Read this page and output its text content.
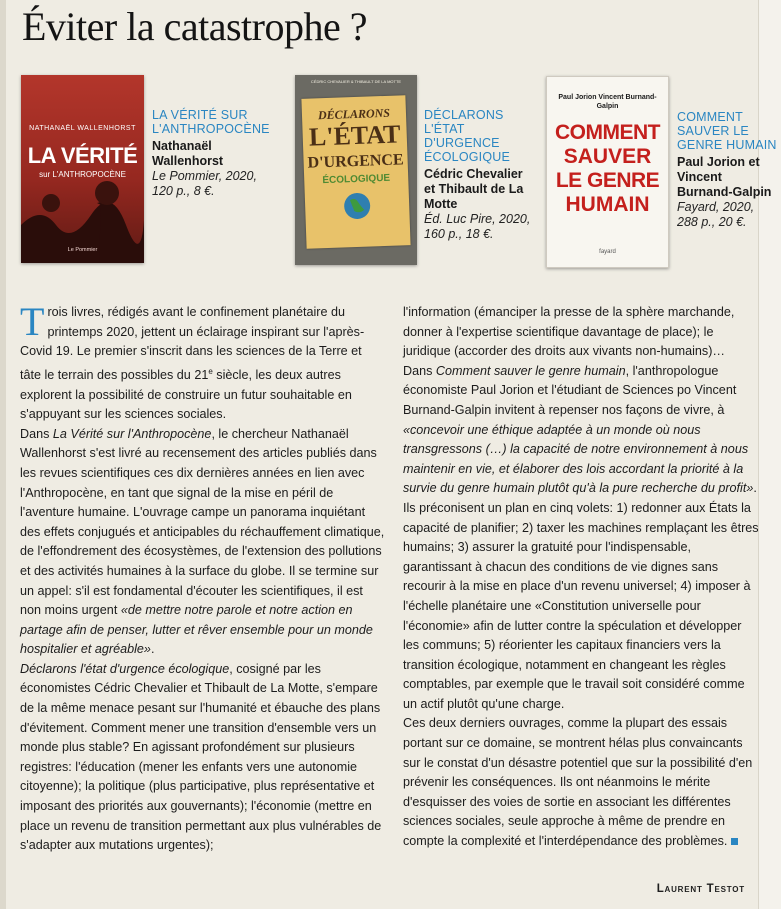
Éviter la catastrophe ?
NATHANAËL WALLENHORST
LA VÉRITÉ
sur L'ANTHROPOCÈNE
Le Pommier
LA VÉRITÉ SUR L'ANTHROPOCÈNE
Nathanaël Wallenhorst
Le Pommier, 2020, 120 p., 8 €.
CÉDRIC CHEVALIER & THIBAULT DE LA MOTTE
DÉCLARONS
L'ÉTAT
D'URGENCE
ÉCOLOGIQUE
DÉCLARONS L'ÉTAT D'URGENCE ÉCOLOGIQUE
Cédric Chevalier et Thibault de La Motte
Éd. Luc Pire, 2020, 160 p., 18 €.
Paul Jorion Vincent Burnand-Galpin
COMMENT
SAUVER
LE GENRE
HUMAIN
fayard
COMMENT SAUVER LE GENRE HUMAIN
Paul Jorion et Vincent Burnand-Galpin
Fayard, 2020, 288 p., 20 €.

Trois livres, rédigés avant le confinement planétaire du printemps 2020, jettent un éclairage inspirant sur l'après-Covid 19. Le premier s'inscrit dans les sciences de la Terre et tâte le terrain des possibles du 21e siècle, les deux autres explorent la possibilité de construire un futur souhaitable en s'appuyant sur les sciences sociales.

Dans La Vérité sur l'Anthropocène, le chercheur Nathanaël Wallenhorst s'est livré au recensement des articles publiés dans les revues scientifiques ces dix dernières années en lien avec l'Anthropocène, en tant que signal de la mise en péril de l'aventure humaine. L'ouvrage campe un panorama inquiétant des effets conjugués et anticipables du réchauffement climatique, de l'effondrement des écosystèmes, de l'extension des pollutions et des activités humaines à la surface du globe. Il se termine sur un appel: s'il est fondamental d'écouter les scientifiques, il est non moins urgent «de mettre notre parole et notre action en partage afin de penser, lutter et rêver ensemble pour un monde hospitalier et agréable».

Déclarons l'état d'urgence écologique, cosigné par les économistes Cédric Chevalier et Thibault de La Motte, s'empare de la même menace pesant sur l'humanité et ébauche des plans d'évitement. Comment mener une transition d'ensemble vers un monde plus stable? En agissant profondément sur plusieurs registres: l'éducation (mener les enfants vers une autonomie citoyenne); la politique (plus participative, plus représentative et imposant des priorités aux gouvernants); l'économie (mettre en place un revenu de transition permettant aux plus vulnérables de s'adapter aux mutations urgentes);

l'information (émanciper la presse de la sphère marchande, donner à l'expertise scientifique davantage de place); le juridique (accorder des droits aux vivants non-humains)…

Dans Comment sauver le genre humain, l'anthropologue économiste Paul Jorion et l'étudiant de Sciences po Vincent Burnand-Galpin invitent à repenser nos façons de vivre, à «concevoir une éthique adaptée à un monde où nous transgressons (…) la capacité de notre environnement à nous maintenir en vie, et élaborer des lois accordant la priorité à la survie du genre humain plutôt qu'à la pure recherche du profit». Ils préconisent un plan en cinq volets: 1) redonner aux États la capacité de planifier; 2) taxer les machines remplaçant les êtres humains; 3) assurer la gratuité pour l'indispensable, garantissant à chacun des conditions de vie dignes sans recourir à la mise en place d'un revenu universel; 4) imposer à l'échelle planétaire une «Constitution universelle pour l'économie» afin de lutter contre la spéculation et développer les communs; 5) réorienter les capitaux financiers vers la transition écologique, notamment en changeant les règles comptables, par exemple que le travail soit considéré comme un actif plutôt qu'une charge.

Ces deux derniers ouvrages, comme la plupart des essais portant sur ce domaine, se montrent hélas plus convaincants sur le constat d'un désastre potentiel que sur la possibilité d'en prévenir les conséquences. Ils ont néanmoins le mérite d'esquisser des voies de sortie en associant les différentes sciences sociales, seule approche à même de prendre en compte la complexité et l'interdépendance des problèmes.

Laurent Testot
